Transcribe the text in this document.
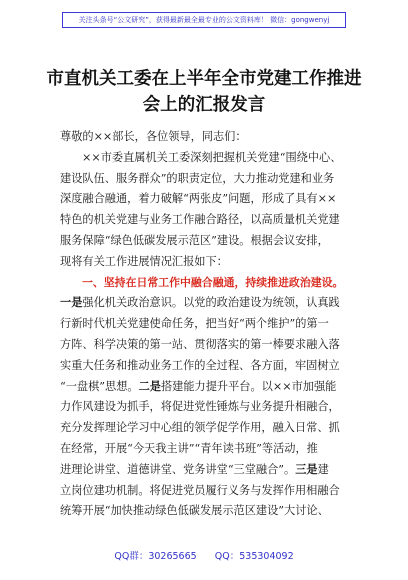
关注头条号“公文研究”，获得最新最全最专业的公文资料库！ 微信：gongwenyj
市直机关工委在上半年全市党建工作推进
会上的汇报发言
尊敬的××部长，各位领导，同志们：
××市委直属机关工委深刻把握机关党建“围绕中心、
建设队伍、服务群众”的职责定位，大力推动党建和业务
深度融合融通，着力破解“两张皮”问题，形成了具有××
特色的机关党建与业务工作融合路径，以高质量机关党建
服务保障“绿色低碳发展示范区”建设。根据会议安排，
现将有关工作进展情况汇报如下：
一、坚持在日常工作中融合融通，持续推进政治建设。
一是强化机关政治意识。以党的政治建设为统领，认真践
行新时代机关党建使命任务，把当好“两个维护”的第一
方阵、科学决策的第一站、贯彻落实的第一棒要求融入落
实重大任务和推动业务工作的全过程、各方面，牢固树立
“一盘棋”思想。二是搭建能力提升平台。以××市加强能
力作风建设为抓手，将促进党性锤炼与业务提升相融合，
充分发挥理论学习中心组的领学促学作用，融入日常、抓
在经常，开展“今天我主讲”“青年读书班”等活动，推
进理论讲堂、道德讲堂、党务讲堂“三堂融合”。三是建
立岗位建功机制。将促进党员履行义务与发挥作用相融合
统筹开展“加快推动绿色低碳发展示范区建设”大讨论、
QQ群：30265665      QQ：535304092
